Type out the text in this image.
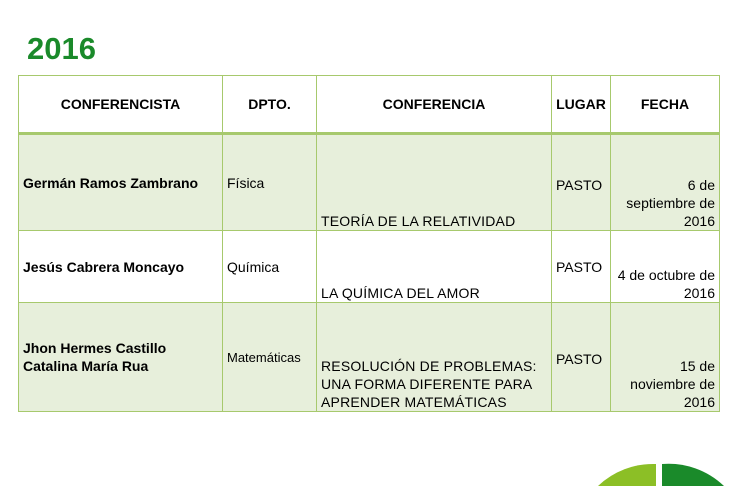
2016
CONFERENCISTA	DPTO.	CONFERENCIA	LUGAR	FECHA
Germán Ramos Zambrano	Física	TEORÍA DE LA RELATIVIDAD	PASTO	6 de septiembre de 2016
Jesús Cabrera Moncayo	Química	LA QUÍMICA DEL AMOR	PASTO	4 de octubre de 2016
Jhon Hermes Castillo Catalina María Rua	Matemáticas	RESOLUCIÓN DE PROBLEMAS: UNA FORMA DIFERENTE PARA APRENDER MATEMÁTICAS	PASTO	15 de noviembre de 2016
